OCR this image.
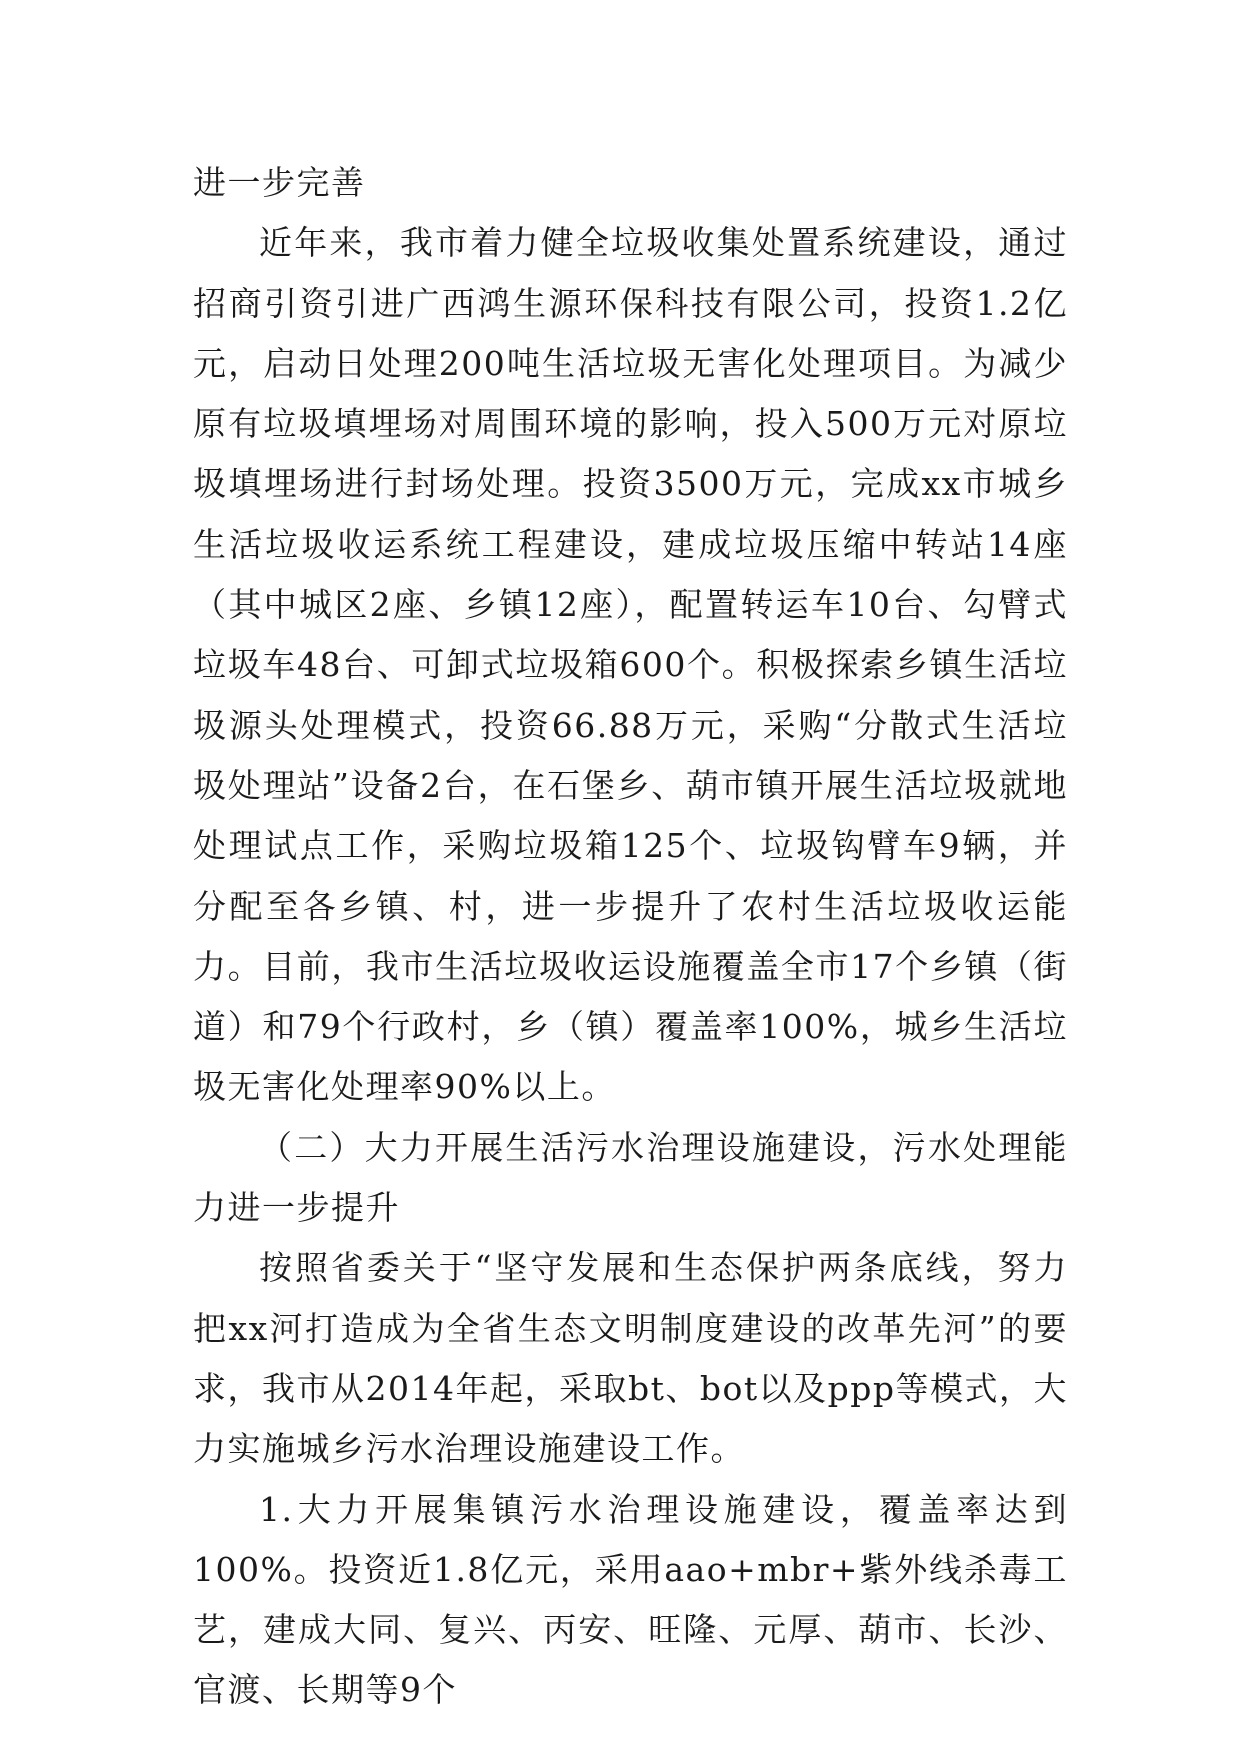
进一步完善

近年来，我市着力健全垃圾收集处置系统建设，通过招商引资引进广西鸿生源环保科技有限公司，投资1.2亿元，启动日处理200吨生活垃圾无害化处理项目。为减少原有垃圾填埋场对周围环境的影响，投入500万元对原垃圾填埋场进行封场处理。投资3500万元，完成xx市城乡生活垃圾收运系统工程建设，建成垃圾压缩中转站14座（其中城区2座、乡镇12座），配置转运车10台、勾臂式垃圾车48台、可卸式垃圾箱600个。积极探索乡镇生活垃圾源头处理模式，投资66.88万元，采购“分散式生活垃圾处理站”设备2台，在石堡乡、葫市镇开展生活垃圾就地处理试点工作，采购垃圾箱125个、垃圾钩臂车9辆，并分配至各乡镇、村，进一步提升了农村生活垃圾收运能力。目前，我市生活垃圾收运设施覆盖全市17个乡镇（街道）和79个行政村，乡（镇）覆盖率100%，城乡生活垃圾无害化处理率90%以上。

（二）大力开展生活污水治理设施建设，污水处理能力进一步提升

按照省委关于“坚守发展和生态保护两条底线，努力把xx河打造成为全省生态文明制度建设的改革先河”的要求，我市从2014年起，采取bt、bot以及ppp等模式，大力实施城乡污水治理设施建设工作。

1.大力开展集镇污水治理设施建设，覆盖率达到100%。投资近1.8亿元，采用aao+mbr+紫外线杀毒工艺，建成大同、复兴、丙安、旺隆、元厚、葫市、长沙、官渡、长期等9个
